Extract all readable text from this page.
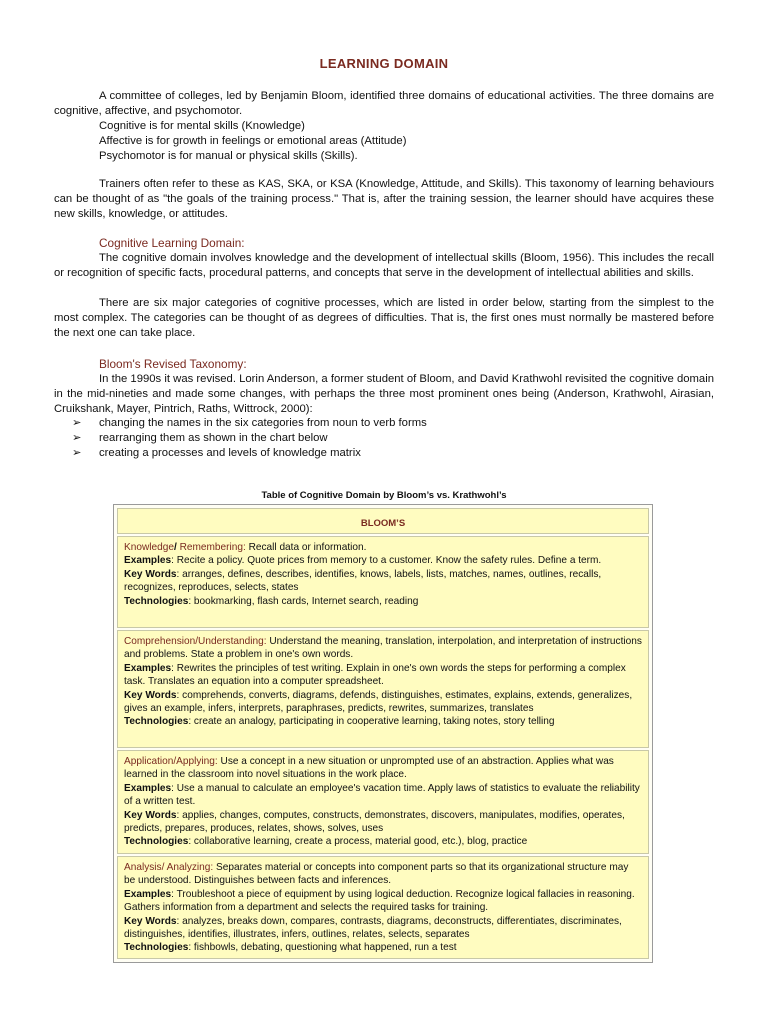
LEARNING DOMAIN
A committee of colleges, led by Benjamin Bloom, identified three domains of educational activities. The three domains are cognitive, affective, and psychomotor.
Cognitive is for mental skills (Knowledge)
Affective is for growth in feelings or emotional areas (Attitude)
Psychomotor is for manual or physical skills (Skills).
Trainers often refer to these as KAS, SKA, or KSA (Knowledge, Attitude, and Skills). This taxonomy of learning behaviours can be thought of as "the goals of the training process." That is, after the training session, the learner should have acquires these new skills, knowledge, or attitudes.
Cognitive Learning Domain:
The cognitive domain involves knowledge and the development of intellectual skills (Bloom, 1956). This includes the recall or recognition of specific facts, procedural patterns, and concepts that serve in the development of intellectual abilities and skills.
There are six major categories of cognitive processes, which are listed in order below, starting from the simplest to the most complex. The categories can be thought of as degrees of difficulties. That is, the first ones must normally be mastered before the next one can take place.
Bloom's Revised Taxonomy:
In the 1990s it was revised. Lorin Anderson, a former student of Bloom, and David Krathwohl revisited the cognitive domain in the mid-nineties and made some changes, with perhaps the three most prominent ones being (Anderson, Krathwohl, Airasian, Cruikshank, Mayer, Pintrich, Raths, Wittrock, 2000):
➢ changing the names in the six categories from noun to verb forms
➢ rearranging them as shown in the chart below
➢ creating a processes and levels of knowledge matrix
Table of Cognitive Domain by Bloom’s vs. Krathwohl’s
BLOOM’S
Knowledge/ Remembering: Recall data or information.
Examples: Recite a policy. Quote prices from memory to a customer. Know the safety rules. Define a term.
Key Words: arranges, defines, describes, identifies, knows, labels, lists, matches, names, outlines, recalls, recognizes, reproduces, selects, states
Technologies: bookmarking, flash cards, Internet search, reading
Comprehension/Understanding: Understand the meaning, translation, interpolation, and interpretation of instructions and problems. State a problem in one's own words.
Examples: Rewrites the principles of test writing. Explain in one's own words the steps for performing a complex task. Translates an equation into a computer spreadsheet.
Key Words: comprehends, converts, diagrams, defends, distinguishes, estimates, explains, extends, generalizes, gives an example, infers, interprets, paraphrases, predicts, rewrites, summarizes, translates
Technologies: create an analogy, participating in cooperative learning, taking notes, story telling
Application/Applying: Use a concept in a new situation or unprompted use of an abstraction. Applies what was learned in the classroom into novel situations in the work place.
Examples: Use a manual to calculate an employee's vacation time. Apply laws of statistics to evaluate the reliability of a written test.
Key Words: applies, changes, computes, constructs, demonstrates, discovers, manipulates, modifies, operates, predicts, prepares, produces, relates, shows, solves, uses
Technologies: collaborative learning, create a process, material good, etc.), blog, practice
Analysis/ Analyzing: Separates material or concepts into component parts so that its organizational structure may be understood. Distinguishes between facts and inferences.
Examples: Troubleshoot a piece of equipment by using logical deduction. Recognize logical fallacies in reasoning. Gathers information from a department and selects the required tasks for training.
Key Words: analyzes, breaks down, compares, contrasts, diagrams, deconstructs, differentiates, discriminates, distinguishes, identifies, illustrates, infers, outlines, relates, selects, separates
Technologies: fishbowls, debating, questioning what happened, run a test
